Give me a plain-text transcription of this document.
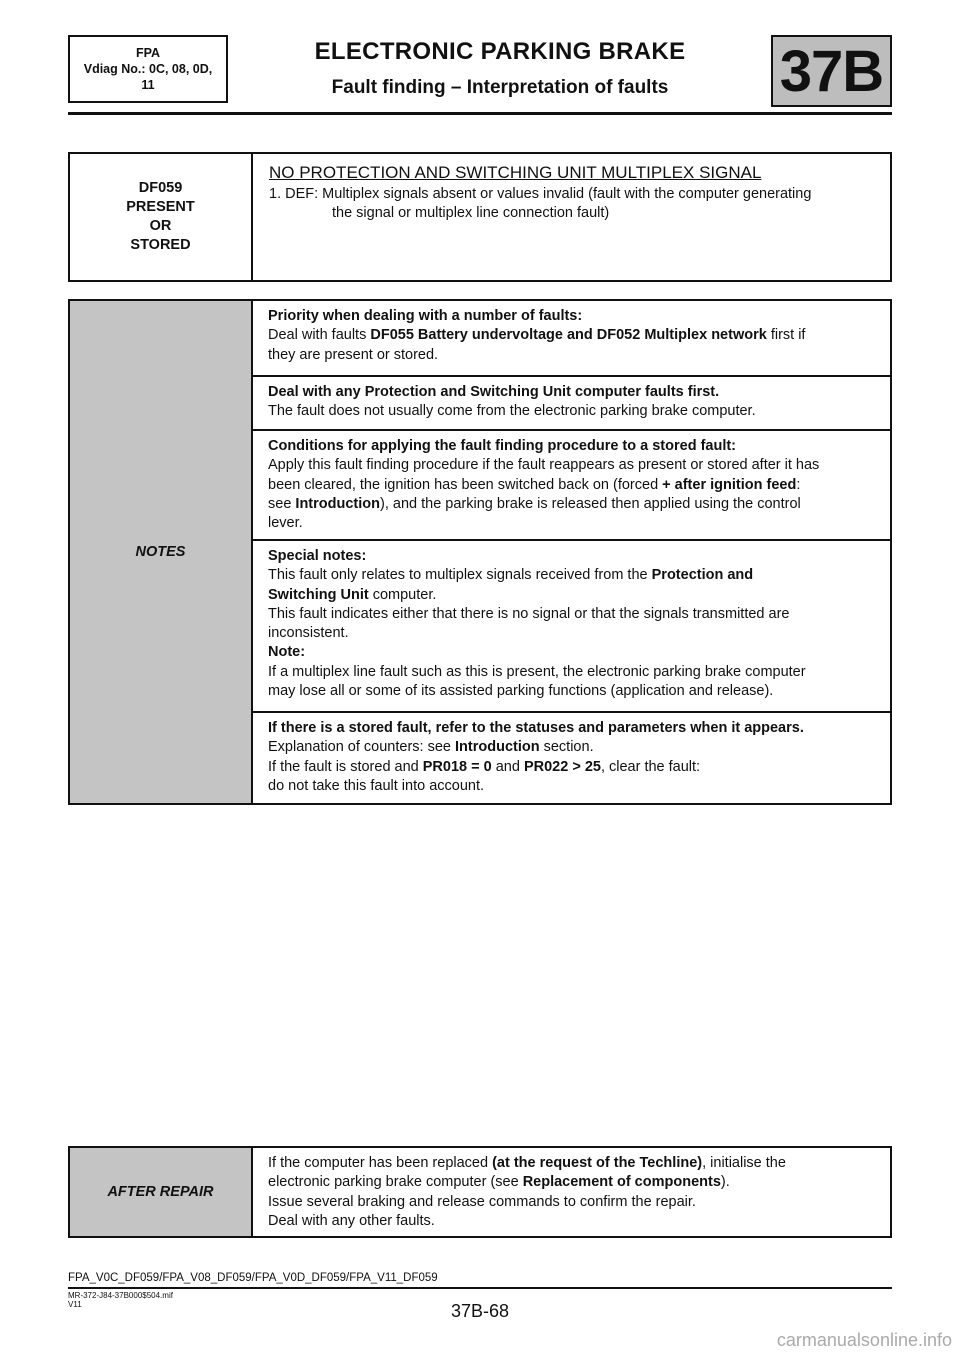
FPA
Vdiag No.: 0C, 08, 0D,
11
ELECTRONIC PARKING BRAKE
Fault finding – Interpretation of faults	37B
DF059
PRESENT
OR
STORED
NO PROTECTION AND SWITCHING UNIT MULTIPLEX SIGNAL
1. DEF: Multiplex signals absent or values invalid (fault with the computer generating
the signal or multiplex line connection fault)
NOTES
Priority when dealing with a number of faults:
Deal with faults DF055 Battery undervoltage and DF052 Multiplex network first if
they are present or stored.
Deal with any Protection and Switching Unit computer faults first.
The fault does not usually come from the electronic parking brake computer.
Conditions for applying the fault finding procedure to a stored fault:
Apply this fault finding procedure if the fault reappears as present or stored after it has
been cleared, the ignition has been switched back on (forced + after ignition feed:
see Introduction), and the parking brake is released then applied using the control
lever.
Special notes:
This fault only relates to multiplex signals received from the Protection and
Switching Unit computer.
This fault indicates either that there is no signal or that the signals transmitted are
inconsistent.
Note:
If a multiplex line fault such as this is present, the electronic parking brake computer
may lose all or some of its assisted parking functions (application and release).
If there is a stored fault, refer to the statuses and parameters when it appears.
Explanation of counters: see Introduction section.
If the fault is stored and PR018 = 0 and PR022 > 25, clear the fault:
do not take this fault into account.
AFTER REPAIR
If the computer has been replaced (at the request of the Techline), initialise the
electronic parking brake computer (see Replacement of components).
Issue several braking and release commands to confirm the repair.
Deal with any other faults.
FPA_V0C_DF059/FPA_V08_DF059/FPA_V0D_DF059/FPA_V11_DF059
MR-372-J84-37B000$504.mif
V11	37B-68
carmanualsonline.info
